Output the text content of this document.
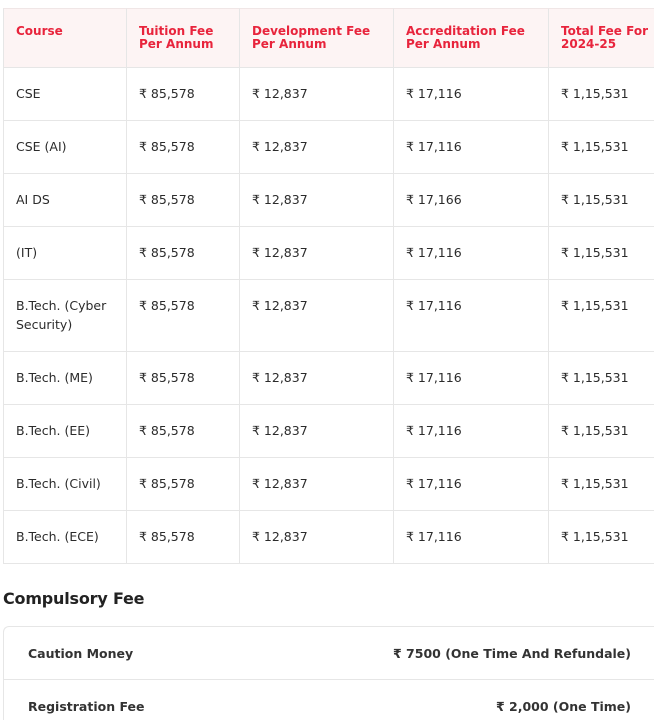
Course	Tuition Fee Per Annum	Development Fee Per Annum	Accreditation Fee Per Annum	Total Fee For 2024-25
CSE	₹ 85,578	₹ 12,837	₹ 17,116	₹ 1,15,531
CSE (AI)	₹ 85,578	₹ 12,837	₹ 17,116	₹ 1,15,531
AI DS	₹ 85,578	₹ 12,837	₹ 17,166	₹ 1,15,531
(IT)	₹ 85,578	₹ 12,837	₹ 17,116	₹ 1,15,531
B.Tech. (Cyber Security)	₹ 85,578	₹ 12,837	₹ 17,116	₹ 1,15,531
B.Tech. (ME)	₹ 85,578	₹ 12,837	₹ 17,116	₹ 1,15,531
B.Tech. (EE)	₹ 85,578	₹ 12,837	₹ 17,116	₹ 1,15,531
B.Tech. (Civil)	₹ 85,578	₹ 12,837	₹ 17,116	₹ 1,15,531
B.Tech. (ECE)	₹ 85,578	₹ 12,837	₹ 17,116	₹ 1,15,531
Compulsory Fee
Caution Money	₹ 7500 (One Time And Refundale)
Registration Fee	₹ 2,000 (One Time)
